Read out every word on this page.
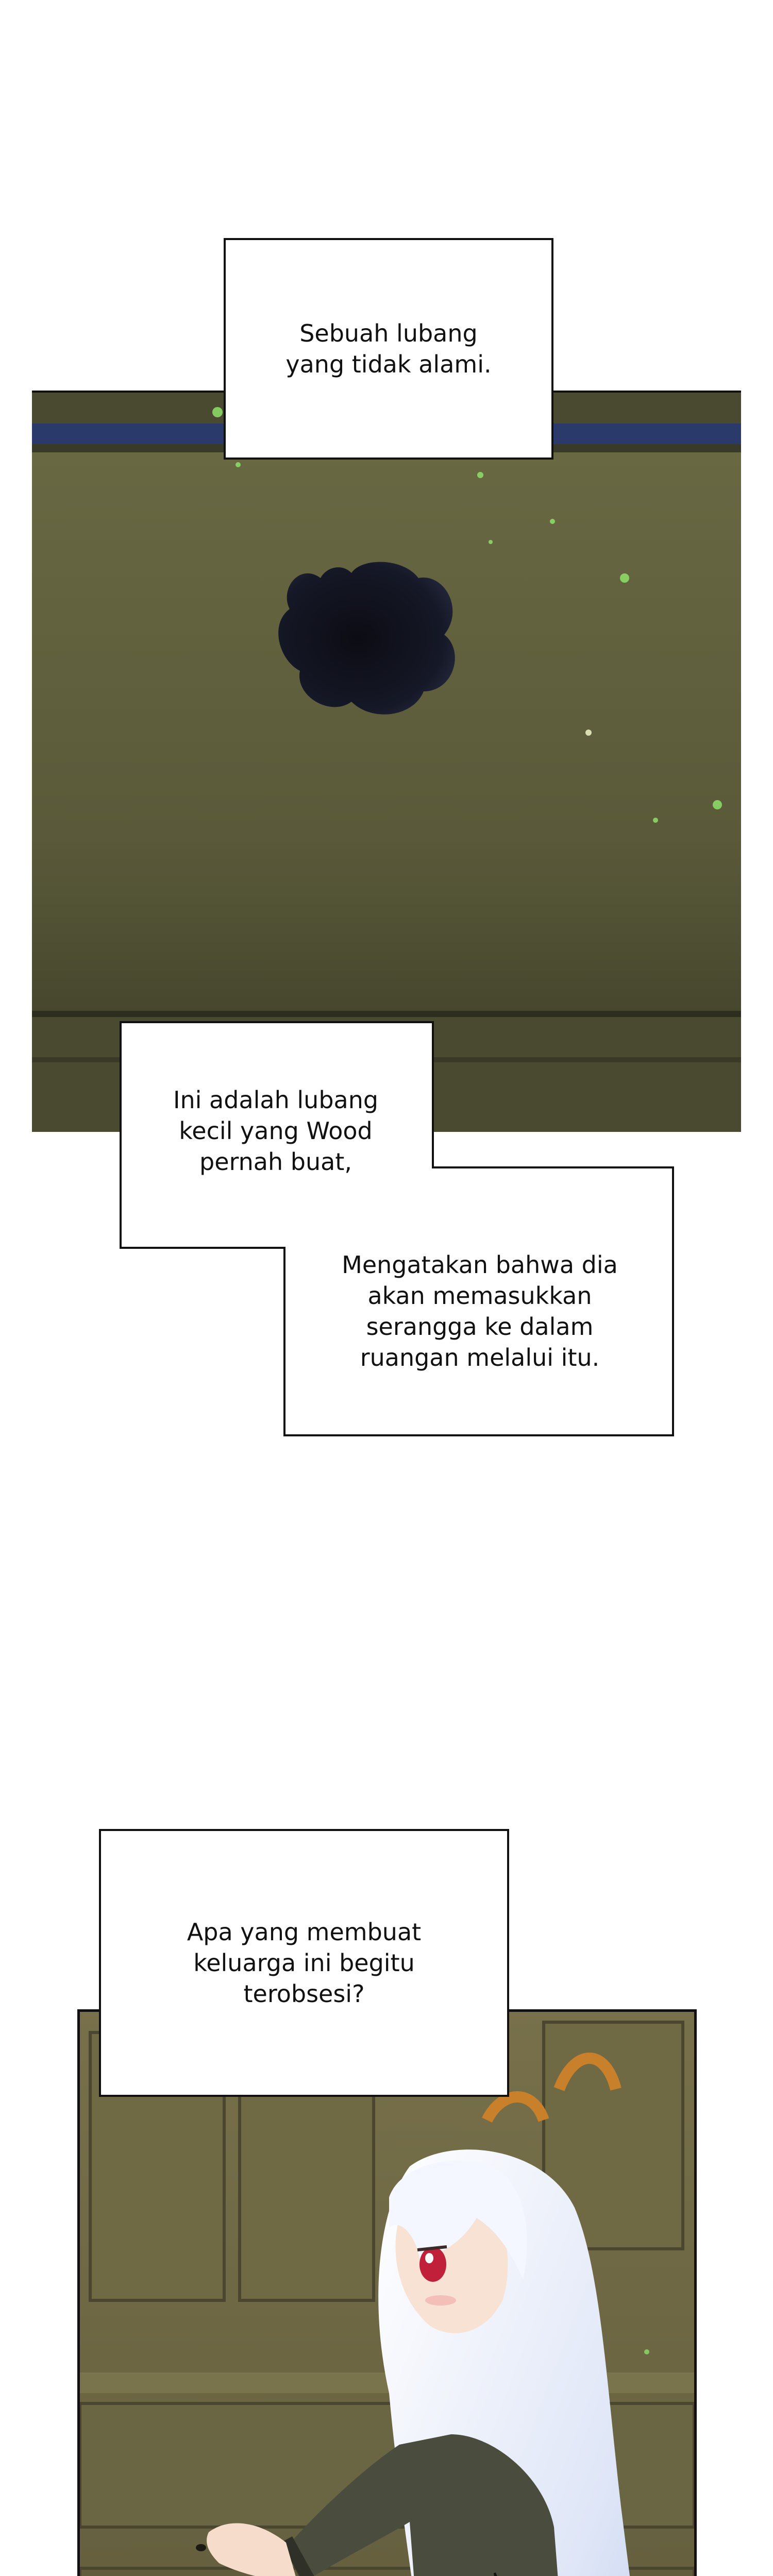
Sebuah lubang
yang tidak alami.
Ini adalah lubang
kecil yang Wood
pernah buat,
Mengatakan bahwa dia
akan memasukkan
serangga ke dalam
ruangan melalui itu.
Apa yang membuat
keluarga ini begitu
terobsesi?
